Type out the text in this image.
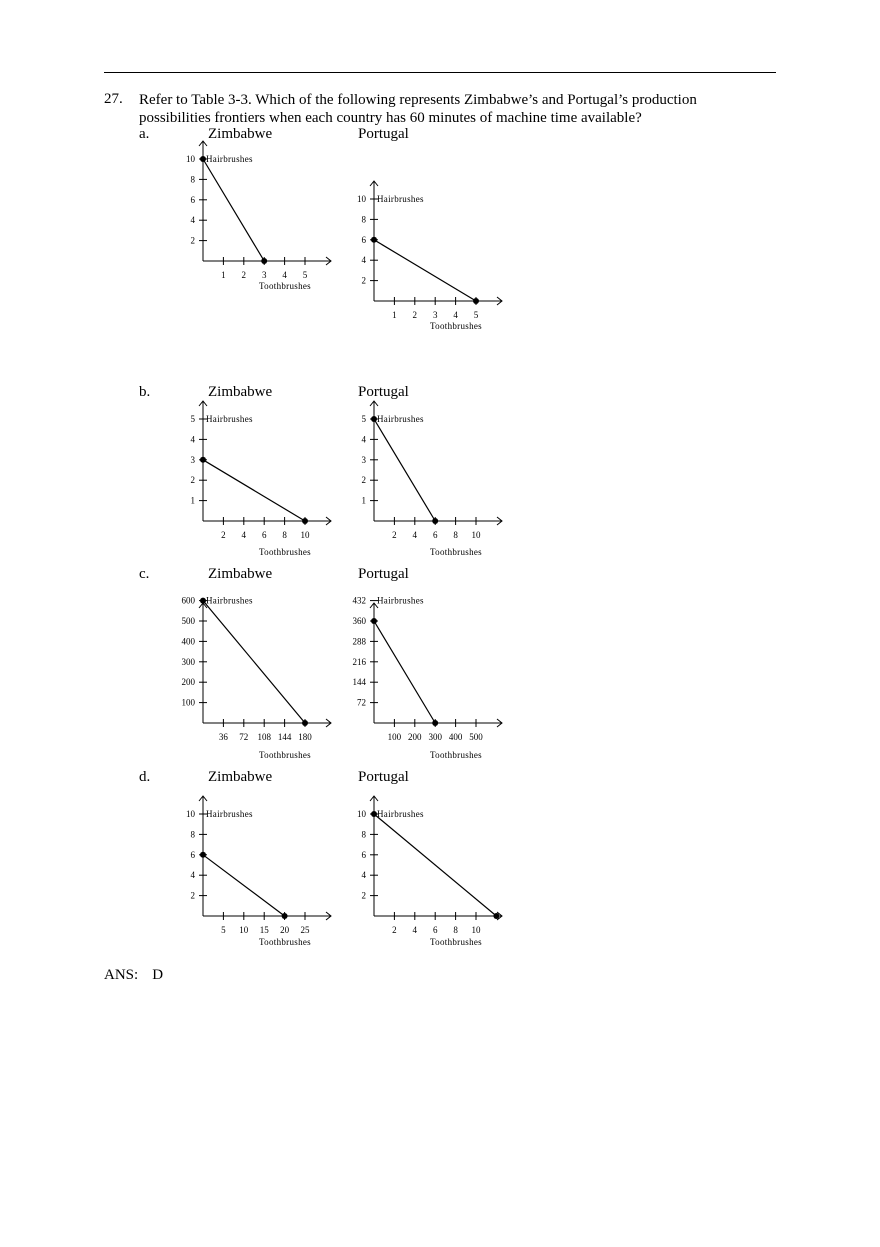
27. Refer to Table 3-3. Which of the following represents Zimbabwe’s and Portugal’s production possibilities frontiers when each country has 60 minutes of machine time available?
a.
b.
c.
d.
Zimbabwe
2
4
6
8
10
1 2 3 4 5
Hairbrushes
Toothbrushes
Portugal
2
4
6
8
10
1 2 3 4 5
Hairbrushes
Toothbrushes
Zimbabwe
1
2
3
4
5
2 4 6 8 10
Hairbrushes
Toothbrushes
Portugal
1
2
3
4
5
2 4 6 8 10
Hairbrushes
Toothbrushes
Zimbabwe
100
200
300
400
500
600
36 72 108 144 180
Hairbrushes
Toothbrushes
Portugal
72
144
216
288
360
432
100 200 300 400 500
Hairbrushes
Toothbrushes
Zimbabwe
2
4
6
8
10
5 10 15 20 25
Hairbrushes
Toothbrushes
Portugal
2
4
6
8
10
2 4 6 8 10
Hairbrushes
Toothbrushes
ANS: D
